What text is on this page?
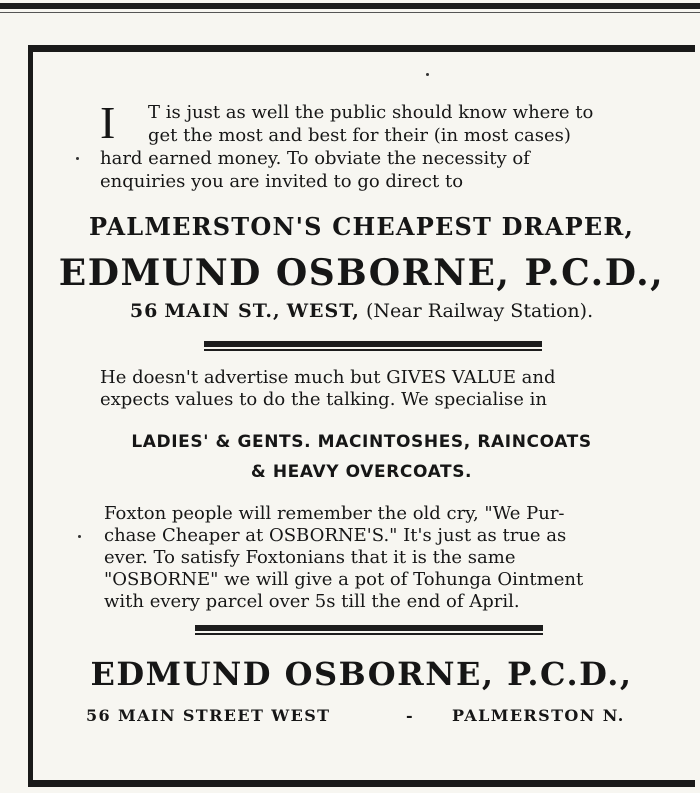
I	T is just as well the public should know where to
get the most and best for their (in most cases)
hard earned money. To obviate the necessity of
enquiries you are invited to go direct to

PALMERSTON'S CHEAPEST DRAPER,
EDMUND OSBORNE, P.C.D.,
56 MAIN ST., WEST, (Near Railway Station).

He doesn't advertise much but GIVES VALUE and
expects values to do the talking. We specialise in

LADIES' & GENTS. MACINTOSHES, RAINCOATS
& HEAVY OVERCOATS.

Foxton people will remember the old cry, "We Pur-
chase Cheaper at OSBORNE'S." It's just as true as
ever. To satisfy Foxtonians that it is the same
"OSBORNE" we will give a pot of Tohunga Ointment
with every parcel over 5s till the end of April.

EDMUND OSBORNE, P.C.D.,
56 MAIN STREET WEST	- PALMERSTON N.
